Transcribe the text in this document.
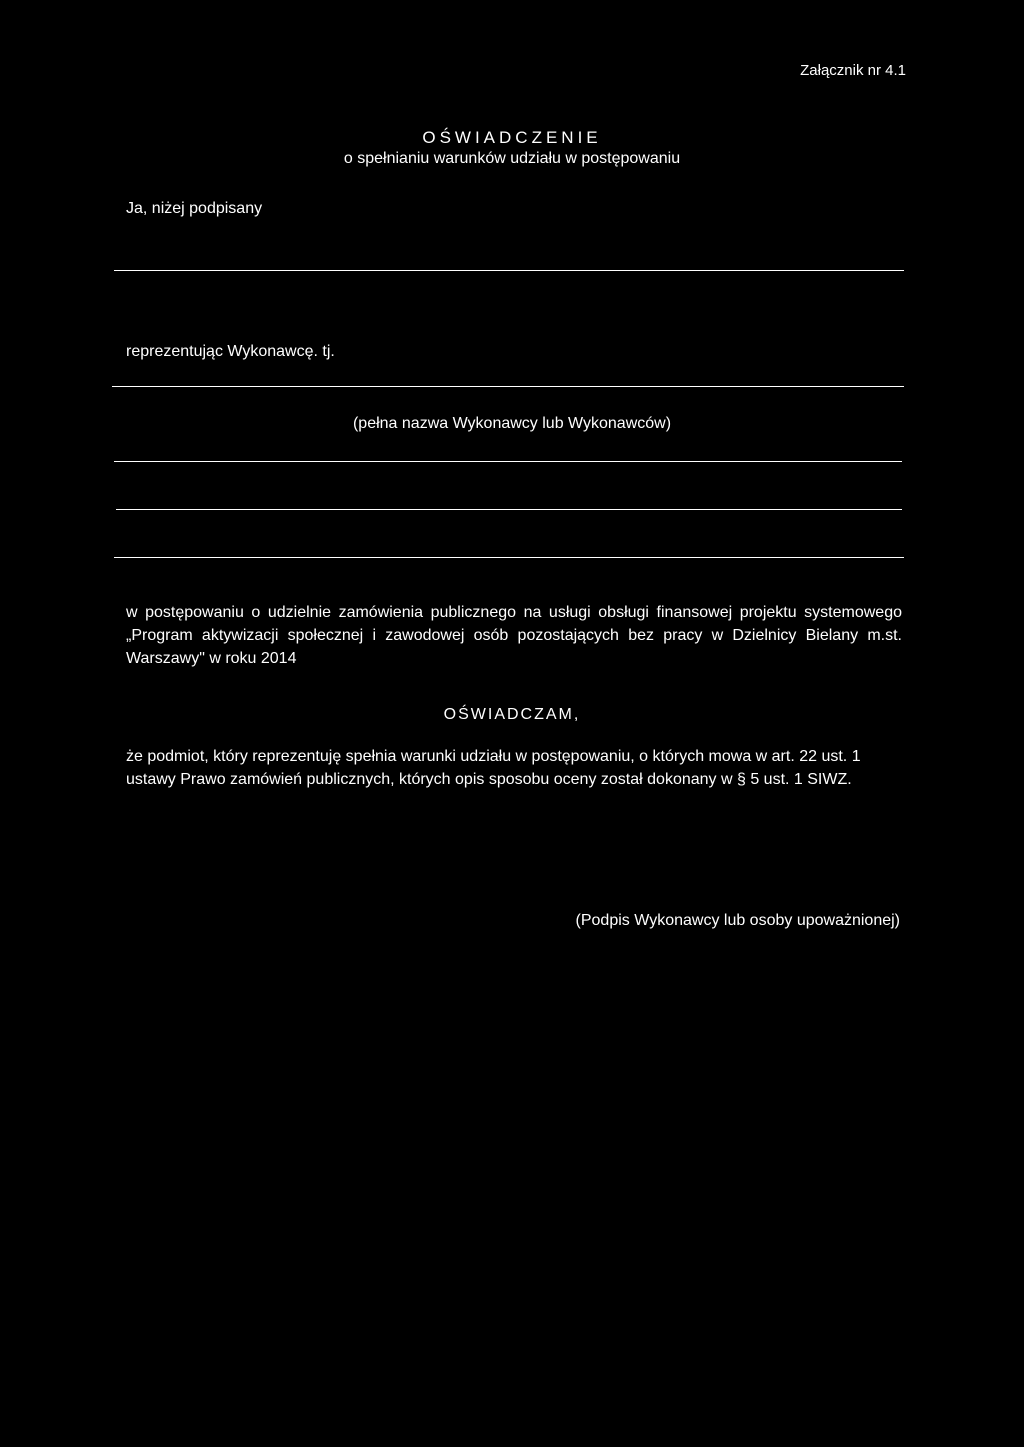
Załącznik nr 4.1
OŚWIADCZENIE
o spełnianiu warunków udziału w postępowaniu
Ja, niżej podpisany
reprezentując Wykonawcę. tj.
(pełna nazwa Wykonawcy lub Wykonawców)
w postępowaniu o udzielnie zamówienia publicznego na usługi obsługi finansowej projektu systemowego „Program aktywizacji społecznej i zawodowej osób pozostających bez pracy w Dzielnicy Bielany m.st. Warszawy" w roku 2014
OŚWIADCZAM,
że podmiot, który reprezentuję spełnia warunki udziału w postępowaniu, o których mowa w art. 22 ust. 1 ustawy Prawo zamówień publicznych, których opis sposobu oceny został dokonany w § 5 ust. 1 SIWZ.
(Podpis Wykonawcy lub osoby upoważnionej)
